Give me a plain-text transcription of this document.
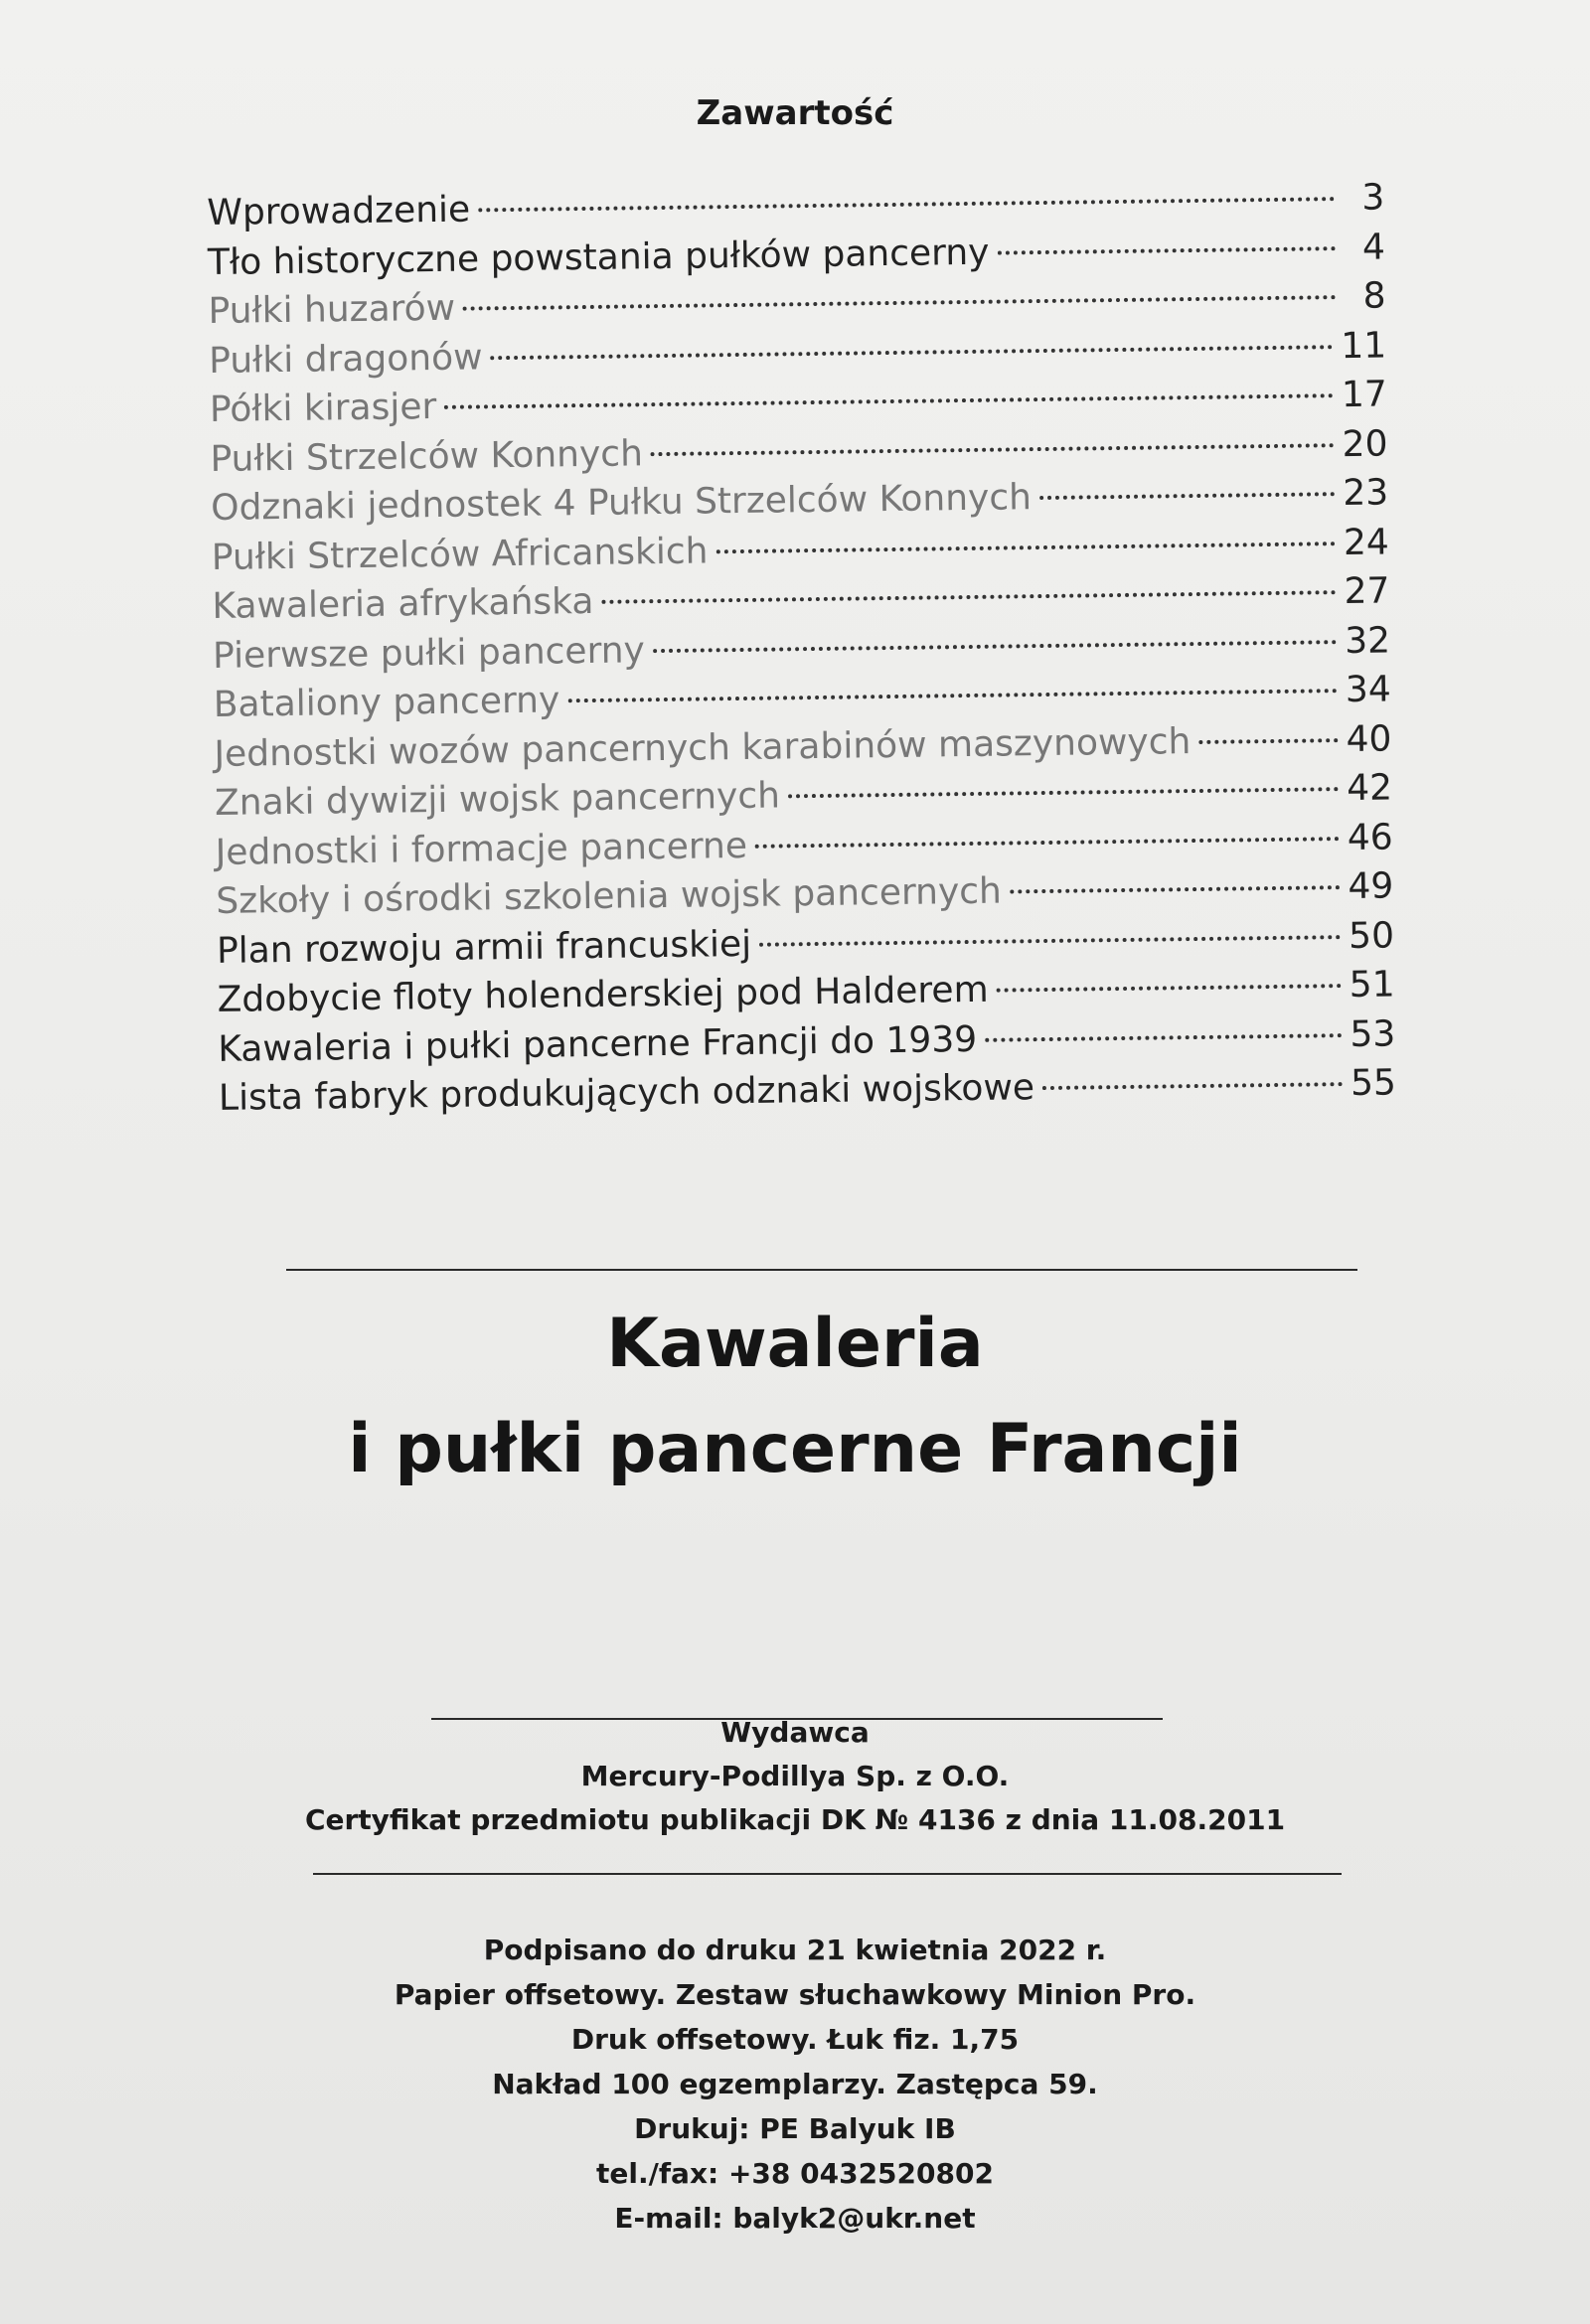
Zawartość
Wprowadzenie	3
Tło historyczne powstania pułków pancerny	4
Pułki huzarów	8
Pułki dragonów	11
Półki kirasjer	17
Pułki Strzelców Konnych	20
Odznaki jednostek 4 Pułku Strzelców Konnych	23
Pułki Strzelców Africanskich	24
Kawaleria afrykańska	27
Pierwsze pułki pancerny	32
Bataliony pancerny	34
Jednostki wozów pancernych karabinów maszynowych	40
Znaki dywizji wojsk pancernych	42
Jednostki i formacje pancerne	46
Szkoły i ośrodki szkolenia wojsk pancernych	49
Plan rozwoju armii francuskiej	50
Zdobycie floty holenderskiej pod Halderem	51
Kawaleria i pułki pancerne Francji do 1939	53
Lista fabryk produkujących odznaki wojskowe	55
Kawaleria
i pułki pancerne Francji
Wydawca
Mercury-Podillya Sp. z O.O.
Certyfikat przedmiotu publikacji DK № 4136 z dnia 11.08.2011
Podpisano do druku 21 kwietnia 2022 r.
Papier offsetowy. Zestaw słuchawkowy Minion Pro.
Druk offsetowy. Łuk fiz. 1,75
Nakład 100 egzemplarzy. Zastępca 59.
Drukuj: PE Balyuk IB
tel./fax: +38 0432520802
E-mail: balyk2@ukr.net
